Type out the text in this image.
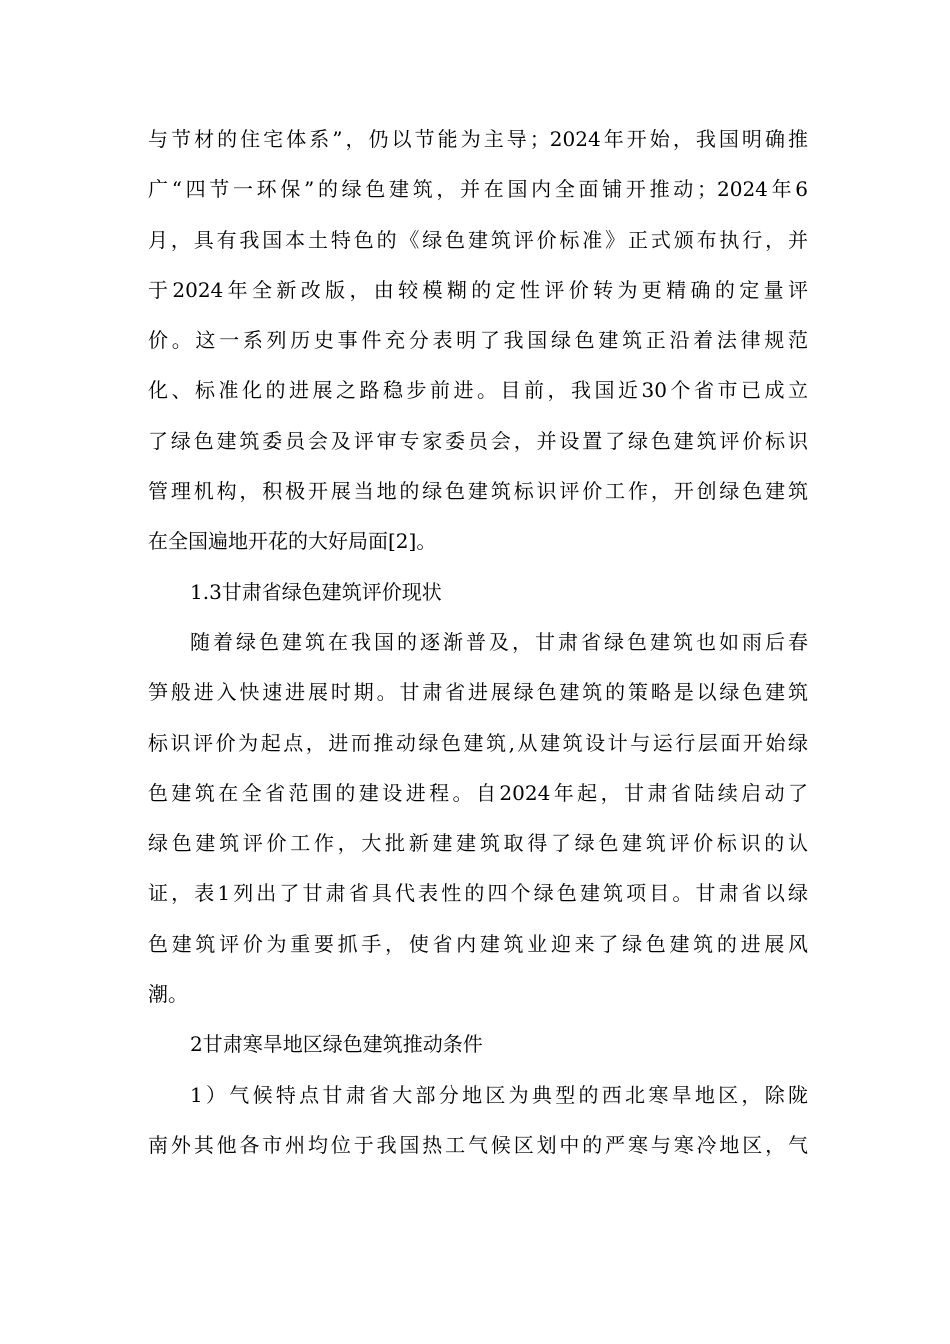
与节材的住宅体系”，仍以节能为主导；2024年开始，我国明确推
广“四节一环保”的绿色建筑，并在国内全面铺开推动；2024年6
月，具有我国本土特色的《绿色建筑评价标准》正式颁布执行，并
于2024年全新改版，由较模糊的定性评价转为更精确的定量评
价。这一系列历史事件充分表明了我国绿色建筑正沿着法律规范
化、标准化的进展之路稳步前进。目前，我国近30个省市已成立
了绿色建筑委员会及评审专家委员会，并设置了绿色建筑评价标识
管理机构，积极开展当地的绿色建筑标识评价工作，开创绿色建筑
在全国遍地开花的大好局面[2]。
1.3甘肃省绿色建筑评价现状
随着绿色建筑在我国的逐渐普及，甘肃省绿色建筑也如雨后春
笋般进入快速进展时期。甘肃省进展绿色建筑的策略是以绿色建筑
标识评价为起点，进而推动绿色建筑,从建筑设计与运行层面开始绿
色建筑在全省范围的建设进程。自2024年起，甘肃省陆续启动了
绿色建筑评价工作，大批新建建筑取得了绿色建筑评价标识的认
证，表1列出了甘肃省具代表性的四个绿色建筑项目。甘肃省以绿
色建筑评价为重要抓手，使省内建筑业迎来了绿色建筑的进展风
潮。
2甘肃寒旱地区绿色建筑推动条件
1）气候特点甘肃省大部分地区为典型的西北寒旱地区，除陇
南外其他各市州均位于我国热工气候区划中的严寒与寒冷地区，气
